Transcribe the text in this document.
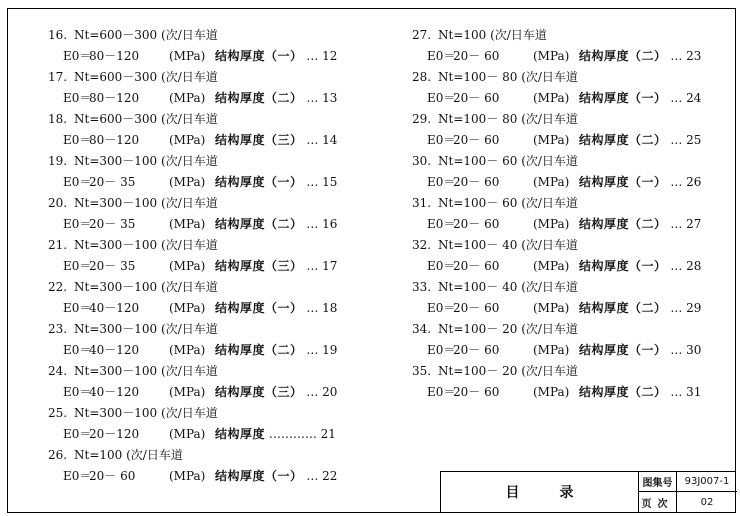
16. Nt=600－300 (次/日车道
E0＝80－120 (MPa) 结构厚度（一） … 12
17. Nt=600－300 (次/日车道
E0＝80－120 (MPa) 结构厚度（二） … 13
18. Nt=600－300 (次/日车道
E0＝80－120 (MPa) 结构厚度（三） … 14
19. Nt=300－100 (次/日车道
E0＝20－ 35	(MPa) 结构厚度（一） … 15
20. Nt=300－100 (次/日车道
E0＝20－ 35	(MPa) 结构厚度（二） … 16
21. Nt=300－100 (次/日车道
E0＝20－ 35	(MPa) 结构厚度（三） … 17
22. Nt=300－100 (次/日车道
E0＝40－120 (MPa) 结构厚度（一） … 18
23. Nt=300－100 (次/日车道
E0＝40－120 (MPa) 结构厚度（二） … 19
24. Nt=300－100 (次/日车道
E0＝40－120 (MPa) 结构厚度（三） … 20
25. Nt=300－100 (次/日车道
E0＝20－120 (MPa) 结构厚度 ………… 21
26. Nt=100 (次/日车道
E0＝20－ 60	(MPa) 结构厚度（一） … 22
27. Nt=100 (次/日车道
E0＝20－ 60	(MPa) 结构厚度（二） … 23
28. Nt=100－ 80 (次/日车道
E0＝20－ 60	(MPa) 结构厚度（一） … 24
29. Nt=100－ 80 (次/日车道
E0＝20－ 60	(MPa) 结构厚度（二） … 25
30. Nt=100－ 60 (次/日车道
E0＝20－ 60	(MPa) 结构厚度（一） … 26
31. Nt=100－ 60 (次/日车道
E0＝20－ 60	(MPa) 结构厚度（二） … 27
32. Nt=100－ 40 (次/日车道
E0＝20－ 60	(MPa) 结构厚度（一） … 28
33. Nt=100－ 40 (次/日车道
E0＝20－ 60	(MPa) 结构厚度（二） … 29
34. Nt=100－ 20 (次/日车道
E0＝20－ 60	(MPa) 结构厚度（一） … 30
35. Nt=100－ 20 (次/日车道
E0＝20－ 60	(MPa) 结构厚度（二） … 31
目录
图集号	93J007-1
页次	02
